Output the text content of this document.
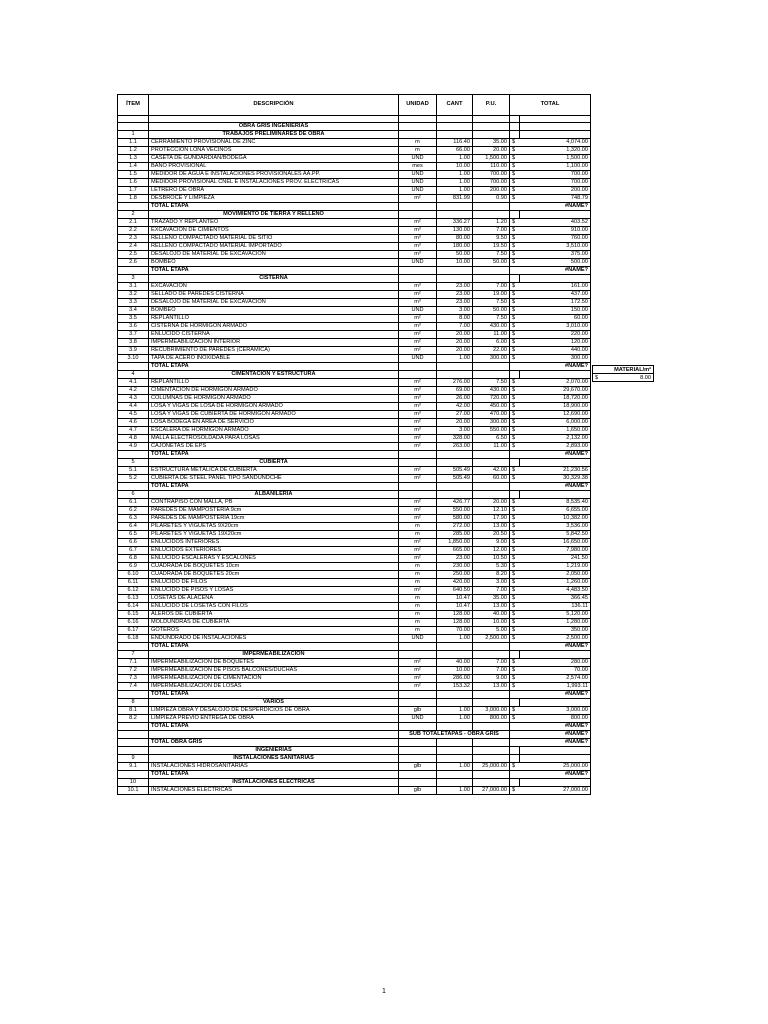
ÍTEM	DESCRIPCIÓN	UNIDAD	CANT	P.U.	TOTAL	

	OBRA GRIS INGENIERIAS					
1	TRABAJOS PRELIMINARES DE OBRA					
1.1	CERRAMIENTO PROVISIONAL DE ZINC	m	116.40	35.00	$	4,074.00
1.2	PROTECCIÓN LONA VECINOS	m	66.00	20.00	$	1,320.00
1.3	CASETA DE GUNDARDIAN/BODEGA	UND	1.00	1,500.00	$	1,500.00
1.4	BAÑO PROVISIONAL	mes	10.00	110.00	$	1,100.00
1.5	MEDIDOR DE AGUA E INSTALACIONES PROVISIONALES AA.PP.	UND	1.00	700.00	$	700.00
1.6	MEDIDOR PROVISIONAL CNEL E INSTALACIONES PROV. ELÉCTRICAS	UND	1.00	700.00	$	700.00
1.7	LETRERO DE OBRA	UND	1.00	200.00	$	200.00
1.8	DESBROCE Y LIMPIEZA	m²	831.99	0.90	$	748.79
	TOTAL ETAPA				#NAME?	
2	MOVIMIENTO DE TIERRA Y RELLENO					
2.1	TRAZADO Y REPLANTEO	m²	336.27	1.20	$	403.52
2.2	EXCAVACION DE CIMIENTOS	m³	130.00	7.00	$	910.00
2.3	RELLENO COMPACTADO MATERIAL DE SITIO	m³	80.00	9.50	$	760.00
2.4	RELLENO COMPACTADO MATERIAL IMPORTADO	m³	180.00	19.50	$	3,510.00
2.5	DESALOJO DE MATERIAL DE EXCAVACIÓN	m³	50.00	7.50	$	375.00
2.6	BOMBEO	UND	10.00	50.00	$	500.00
	TOTAL ETAPA				#NAME?	
3	CISTERNA					
3.1	EXCAVACION	m³	23.00	7.00	$	161.00
3.2	SELLADO DE PAREDES CISTERNA	m²	23.00	19.00	$	437.00
3.3	DESALOJO DE MATERIAL DE EXCAVACIÓN	m³	23.00	7.50	$	172.50
3.4	BOMBEO	UND	3.00	50.00	$	150.00
3.5	REPLANTILLO	m²	8.00	7.50	$	60.00
3.6	CISTERNA DE HORMIGÓN ARMADO	m³	7.00	430.00	$	3,010.00
3.7	ENLUCIDO CISTERNA	m²	20.00	11.00	$	220.00
3.8	IMPERMEABILIZACIÓN INTERIOR	m²	20.00	6.00	$	120.00
3.9	RECUBRIMIENTO DE PAREDES (CERÁMICA)	m²	20.00	22.00	$	440.00
3.10	TAPA DE ACERO INOXIDABLE	UND	1.00	300.00	$	300.00
	TOTAL ETAPA				#NAME?	
4	CIMENTACIÓN Y ESTRUCTURA					
4.1	REPLANTILLO	m²	276.00	7.50	$	2,070.00
4.2	CIMENTACIÓN DE HORMIGÓN ARMADO	m³	69.00	430.00	$	29,670.00
4.3	COLUMNAS DE HORMIGÓN ARMADO	m³	26.00	720.00	$	18,720.00
4.4	LOSA Y VIGAS DE LOSA DE HORMIGÓN ARMADO	m³	42.00	450.00	$	18,900.00
4.5	LOSA Y VIGAS DE CUBIERTA DE HORMIGÓN ARMADO	m³	27.00	470.00	$	12,690.00
4.6	LOSA BODEGA EN AREA DE SERVICIO	m²	20.00	300.00	$	6,000.00
4.7	ESCALERA DE HORMIGÓN ARMADO	m³	3.00	550.00	$	1,650.00
4.8	MALLA ELECTROSOLDADA PARA LOSAS	m²	328.00	6.50	$	2,132.00
4.9	CAJONETAS DE EPS	m²	263.00	11.00	$	2,893.00
	TOTAL ETAPA				#NAME?	
5	CUBIERTA					
5.1	ESTRUCTURA METÁLICA DE CUBIERTA	m²	505.49	42.00	$	21,230.56
5.2	CUBIERTA DE STEEL PANEL TIPO SANDUNDCHE	m²	505.49	60.00	$	30,329.38
	TOTAL ETAPA				#NAME?	
6	ALBAÑILERÍA					
6.1	CONTRAPISO CON MALLA, PB	m²	426.77	20.00	$	8,535.40
6.2	PAREDES DE MAMPOSTERÍA 9cm	m²	550.00	12.10	$	6,655.00
6.3	PAREDES DE MAMPOSTERÍA 19cm	m²	580.00	17.90	$	10,382.00
6.4	PILARETES Y VIGUETAS 9X20cm	m	272.00	13.00	$	3,536.00
6.5	PILARETES Y VIGUETAS 19X20cm	m	285.00	20.50	$	5,842.50
6.6	ENLUCIDOS INTERIORES	m²	1,850.00	9.00	$	16,650.00
6.7	ENLUCIDOS EXTERIORES	m²	665.00	12.00	$	7,980.00
6.8	ENLUCIDO ESCALERAS Y ESCALONES	m²	23.00	10.50	$	241.50
6.9	CUADRADA DE BOQUETES 10cm	m	230.00	5.30	$	1,219.00
6.10	CUADRADA DE BOQUETES 20cm	m	250.00	8.20	$	2,050.00
6.11	ENLUCIDO DE FILOS	m	420.00	3.00	$	1,260.00
6.12	ENLUCIDO DE PISOS Y LOSAS	m²	640.50	7.00	$	4,483.50
6.13	LOSETAS DE ALACENA	m	10.47	35.00	$	366.45
6.14	ENLUCIDO DE LOSETAS CON FILOS	m	10.47	13.00	$	136.11
6.15	ALEROS DE CUBIERTA	m	128.00	40.00	$	5,120.00
6.16	MOLDUNDRAS DE CUBIERTA	m	128.00	10.00	$	1,280.00
6.17	GOTEROS	m	70.00	5.00	$	350.00
6.18	ENDUNDRADO DE INSTALACIONES	UND	1.00	2,500.00	$	2,500.00
	TOTAL ETAPA				#NAME?	
7	IMPERMEABILIZACIÓN					
7.1	IMPERMEABILIZACIÓN DE BOQUETES	m²	40.00	7.00	$	280.00
7.2	IMPERMEABILIZACIÓN DE PISOS BALCONES/DUCHAS	m²	10.00	7.00	$	70.00
7.3	IMPERMEABILIZACIÓN DE CIMENTACIÓN	m²	286.00	9.00	$	2,574.00
7.4	IMPERMEABILIZACIÓN DE LOSAS	m²	153.32	13.00	$	1,993.11
	TOTAL ETAPA				#NAME?	
8	VARIOS					
8.1	LIMPIEZA OBRA Y DESALOJO DE DESPERDICIOS DE OBRA	glb	1.00	3,000.00	$	3,000.00
8.2	LIMPIEZA PREVIO ENTREGA DE OBRA	UND	1.00	800.00	$	800.00
	TOTAL ETAPA				#NAME?	
		SUB TOTALETAPAS - OBRA GRIS			#NAME?	
	TOTAL OBRA GRIS				#NAME?	
	INGENIERÍAS					
9	INSTALACIONES SANITARIAS					
9.1	INSTALACIONES HIDROSANITARIAS	glb	1.00	25,000.00	$	25,000.00
	TOTAL ETAPA				#NAME?	
10	INSTALACIONES ELÉCTRICAS					
10.1	INSTALACIONES ELÉCTRICAS	glb	1.00	27,000.00	$	27,000.00
MATERIAL/m²
$	8.00
1
